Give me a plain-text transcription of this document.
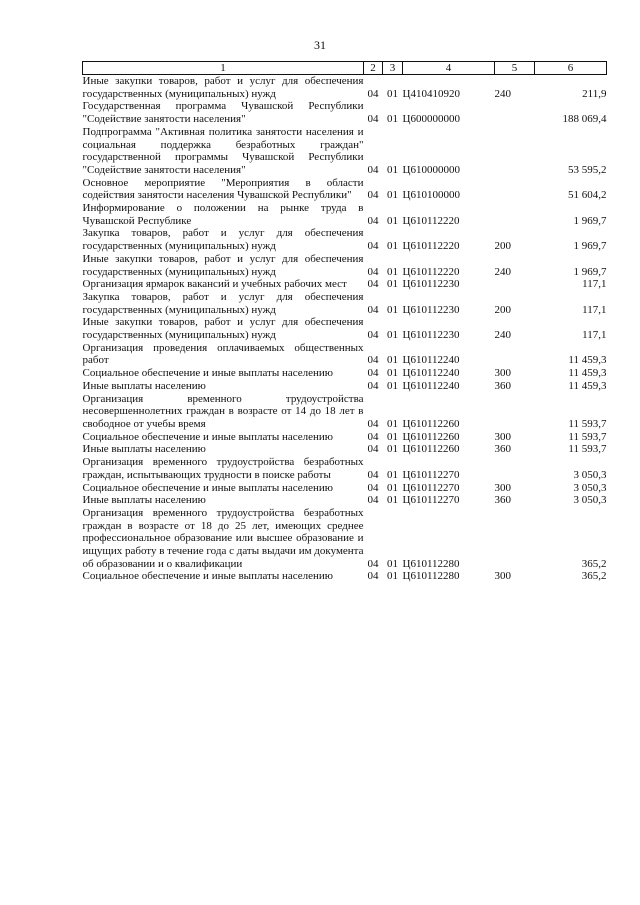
31
1	2	3	4	5	6
Иные закупки товаров, работ и услуг для обеспечения государственных (муниципальных) нужд	04	01	Ц410410920	240	211,9
Государственная программа Чувашской Республики "Содействие занятости населения"	04	01	Ц600000000		188 069,4
Подпрограмма "Активная политика занятости населения и социальная поддержка безработных граждан" государственной программы Чувашской Республики "Содействие занятости населения"	04	01	Ц610000000		53 595,2
Основное мероприятие "Мероприятия в области содействия занятости населения Чувашской Республики"	04	01	Ц610100000		51 604,2
Информирование о положении на рынке труда в Чувашской Республике	04	01	Ц610112220		1 969,7
Закупка товаров, работ и услуг для обеспечения государственных (муниципальных) нужд	04	01	Ц610112220	200	1 969,7
Иные закупки товаров, работ и услуг для обеспечения государственных (муниципальных) нужд	04	01	Ц610112220	240	1 969,7
Организация ярмарок вакансий и учебных рабочих мест	04	01	Ц610112230		117,1
Закупка товаров, работ и услуг для обеспечения государственных (муниципальных) нужд	04	01	Ц610112230	200	117,1
Иные закупки товаров, работ и услуг для обеспечения государственных (муниципальных) нужд	04	01	Ц610112230	240	117,1
Организация проведения оплачиваемых общественных работ	04	01	Ц610112240		11 459,3
Социальное обеспечение и иные выплаты населению	04	01	Ц610112240	300	11 459,3
Иные выплаты населению	04	01	Ц610112240	360	11 459,3
Организация временного трудоустройства несовершеннолетних граждан в возрасте от 14 до 18 лет в свободное от учебы время	04	01	Ц610112260		11 593,7
Социальное обеспечение и иные выплаты населению	04	01	Ц610112260	300	11 593,7
Иные выплаты населению	04	01	Ц610112260	360	11 593,7
Организация временного трудоустройства безработных граждан, испытывающих трудности в поиске работы	04	01	Ц610112270		3 050,3
Социальное обеспечение и иные выплаты населению	04	01	Ц610112270	300	3 050,3
Иные выплаты населению	04	01	Ц610112270	360	3 050,3
Организация временного трудоустройства безработных граждан в возрасте от 18 до 25 лет, имеющих среднее профессиональное образование или высшее образование и ищущих работу в течение года с даты выдачи им документа об образовании и о квалификации	04	01	Ц610112280		365,2
Социальное обеспечение и иные выплаты населению	04	01	Ц610112280	300	365,2
